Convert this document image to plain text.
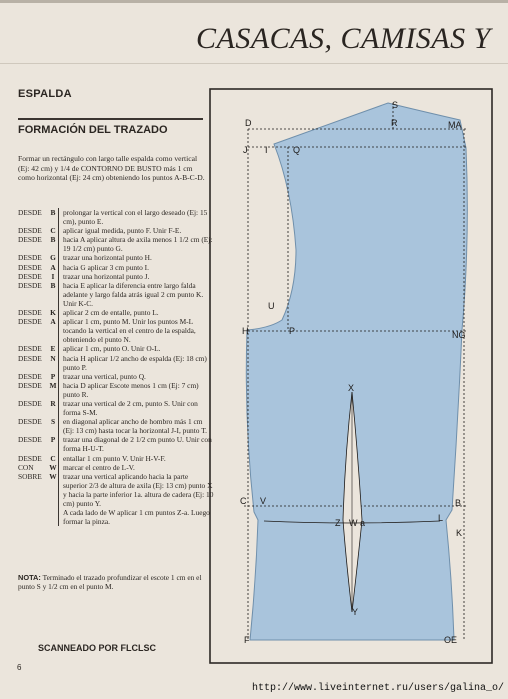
CASACAS, CAMISAS Y
ESPALDA
FORMACIÓN DEL TRAZADO
Formar un rectángulo con largo talle espalda como vertical (Ej: 42 cm) y 1/4 de CONTORNO DE BUSTO más 1 cm como horizontal (Ej: 24 cm) obteniendo los puntos A-B-C-D.
DESDE	B	prolongar la vertical con el largo deseado (Ej: 15 cm), punto E.
DESDE	C aplicar igual medida, punto F. Unir F-E.
DESDE	B	hacia A aplicar altura de axila menos 1 1/2 cm (Ej: 19 1/2 cm) punto G.
DESDE	G trazar una horizontal punto H.
DESDE	A hacia G aplicar 3 cm punto I.
DESDE	I	trazar una horizontal punto J.
DESDE	B	hacia E aplicar la diferencia entre largo falda adelante y largo falda atrás igual 2 cm punto K. Unir K-C.
DESDE	K aplicar 2 cm de entalle, punto L.
DESDE	A aplicar 1 cm, punto M. Unir los puntos M-L tocando la vertical en el centro de la espalda, obteniendo el punto N.
DESDE	E	aplicar 1 cm, punto O. Unir O-L.
DESDE	N hacia H aplicar 1/2 ancho de espalda (Ej: 18 cm) punto P.
DESDE	P	trazar una vertical, punto Q.
DESDE	M hacia D aplicar Escote menos 1 cm (Ej: 7 cm) punto R.
DESDE	R trazar una vertical de 2 cm, punto S. Unir con forma S-M.
DESDE	S	en diagonal aplicar ancho de hombro más 1 cm (Ej: 13 cm) hasta tocar la horizontal J-I, punto T.
DESDE	P	trazar una diagonal de 2 1/2 cm punto U. Unir con forma H-U-T.
DESDE	C entallar 1 cm punto V. Unir H-V-F.
CON	W marcar el centro de L-V.
SOBRE	W trazar una vertical aplicando hacia la parte superior 2/3 de altura de axila (Ej: 13 cm) punto X y hacia la parte inferior 1a. altura de cadera (Ej: 10 cm) punto Y.
A cada lado de W aplicar 1 cm puntos Z-a. Luego formar la pinza.
NOTA: Terminado el trazado profundizar el escote 1 cm en el punto S y 1/2 cm en el punto M.
SCANNEADO POR FLCLSC
6
http://www.liveinternet.ru/users/galina_o/
D	R
S
MA
J I	Q
U
H	P	NG
X
C V	B
L
Z W a
K
Y
F	OE
